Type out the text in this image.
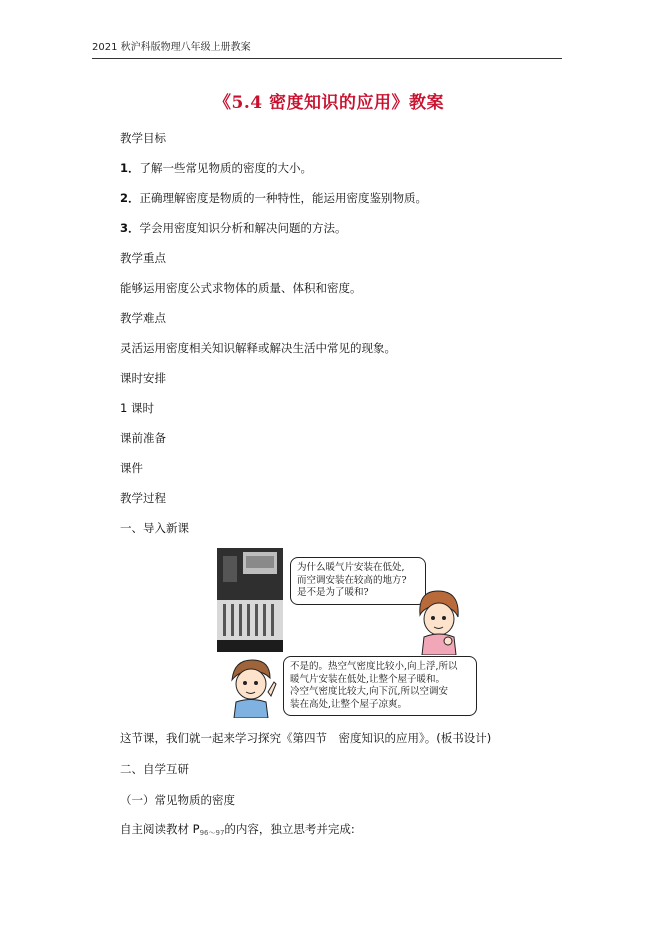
2021 秋沪科版物理八年级上册教案
《5.4 密度知识的应用》教案
教学目标
1．了解一些常见物质的密度的大小。
2．正确理解密度是物质的一种特性，能运用密度鉴别物质。
3．学会用密度知识分析和解决问题的方法。
教学重点
能够运用密度公式求物体的质量、体积和密度。
教学难点
灵活运用密度相关知识解释或解决生活中常见的现象。
课时安排
1 课时
课前准备
课件
教学过程
一、导入新课
为什么暖气片安装在低处,
而空调安装在较高的地方?
是不是为了暖和?
不是的。热空气密度比较小,向上浮,所以
暖气片安装在低处,让整个屋子暖和。
冷空气密度比较大,向下沉,所以空调安
装在高处,让整个屋子凉爽。
这节课，我们就一起来学习探究《第四节　密度知识的应用》。(板书设计)
二、自学互研
（一）常见物质的密度
自主阅读教材 $P_{96\sim 97}$的内容，独立思考并完成:
